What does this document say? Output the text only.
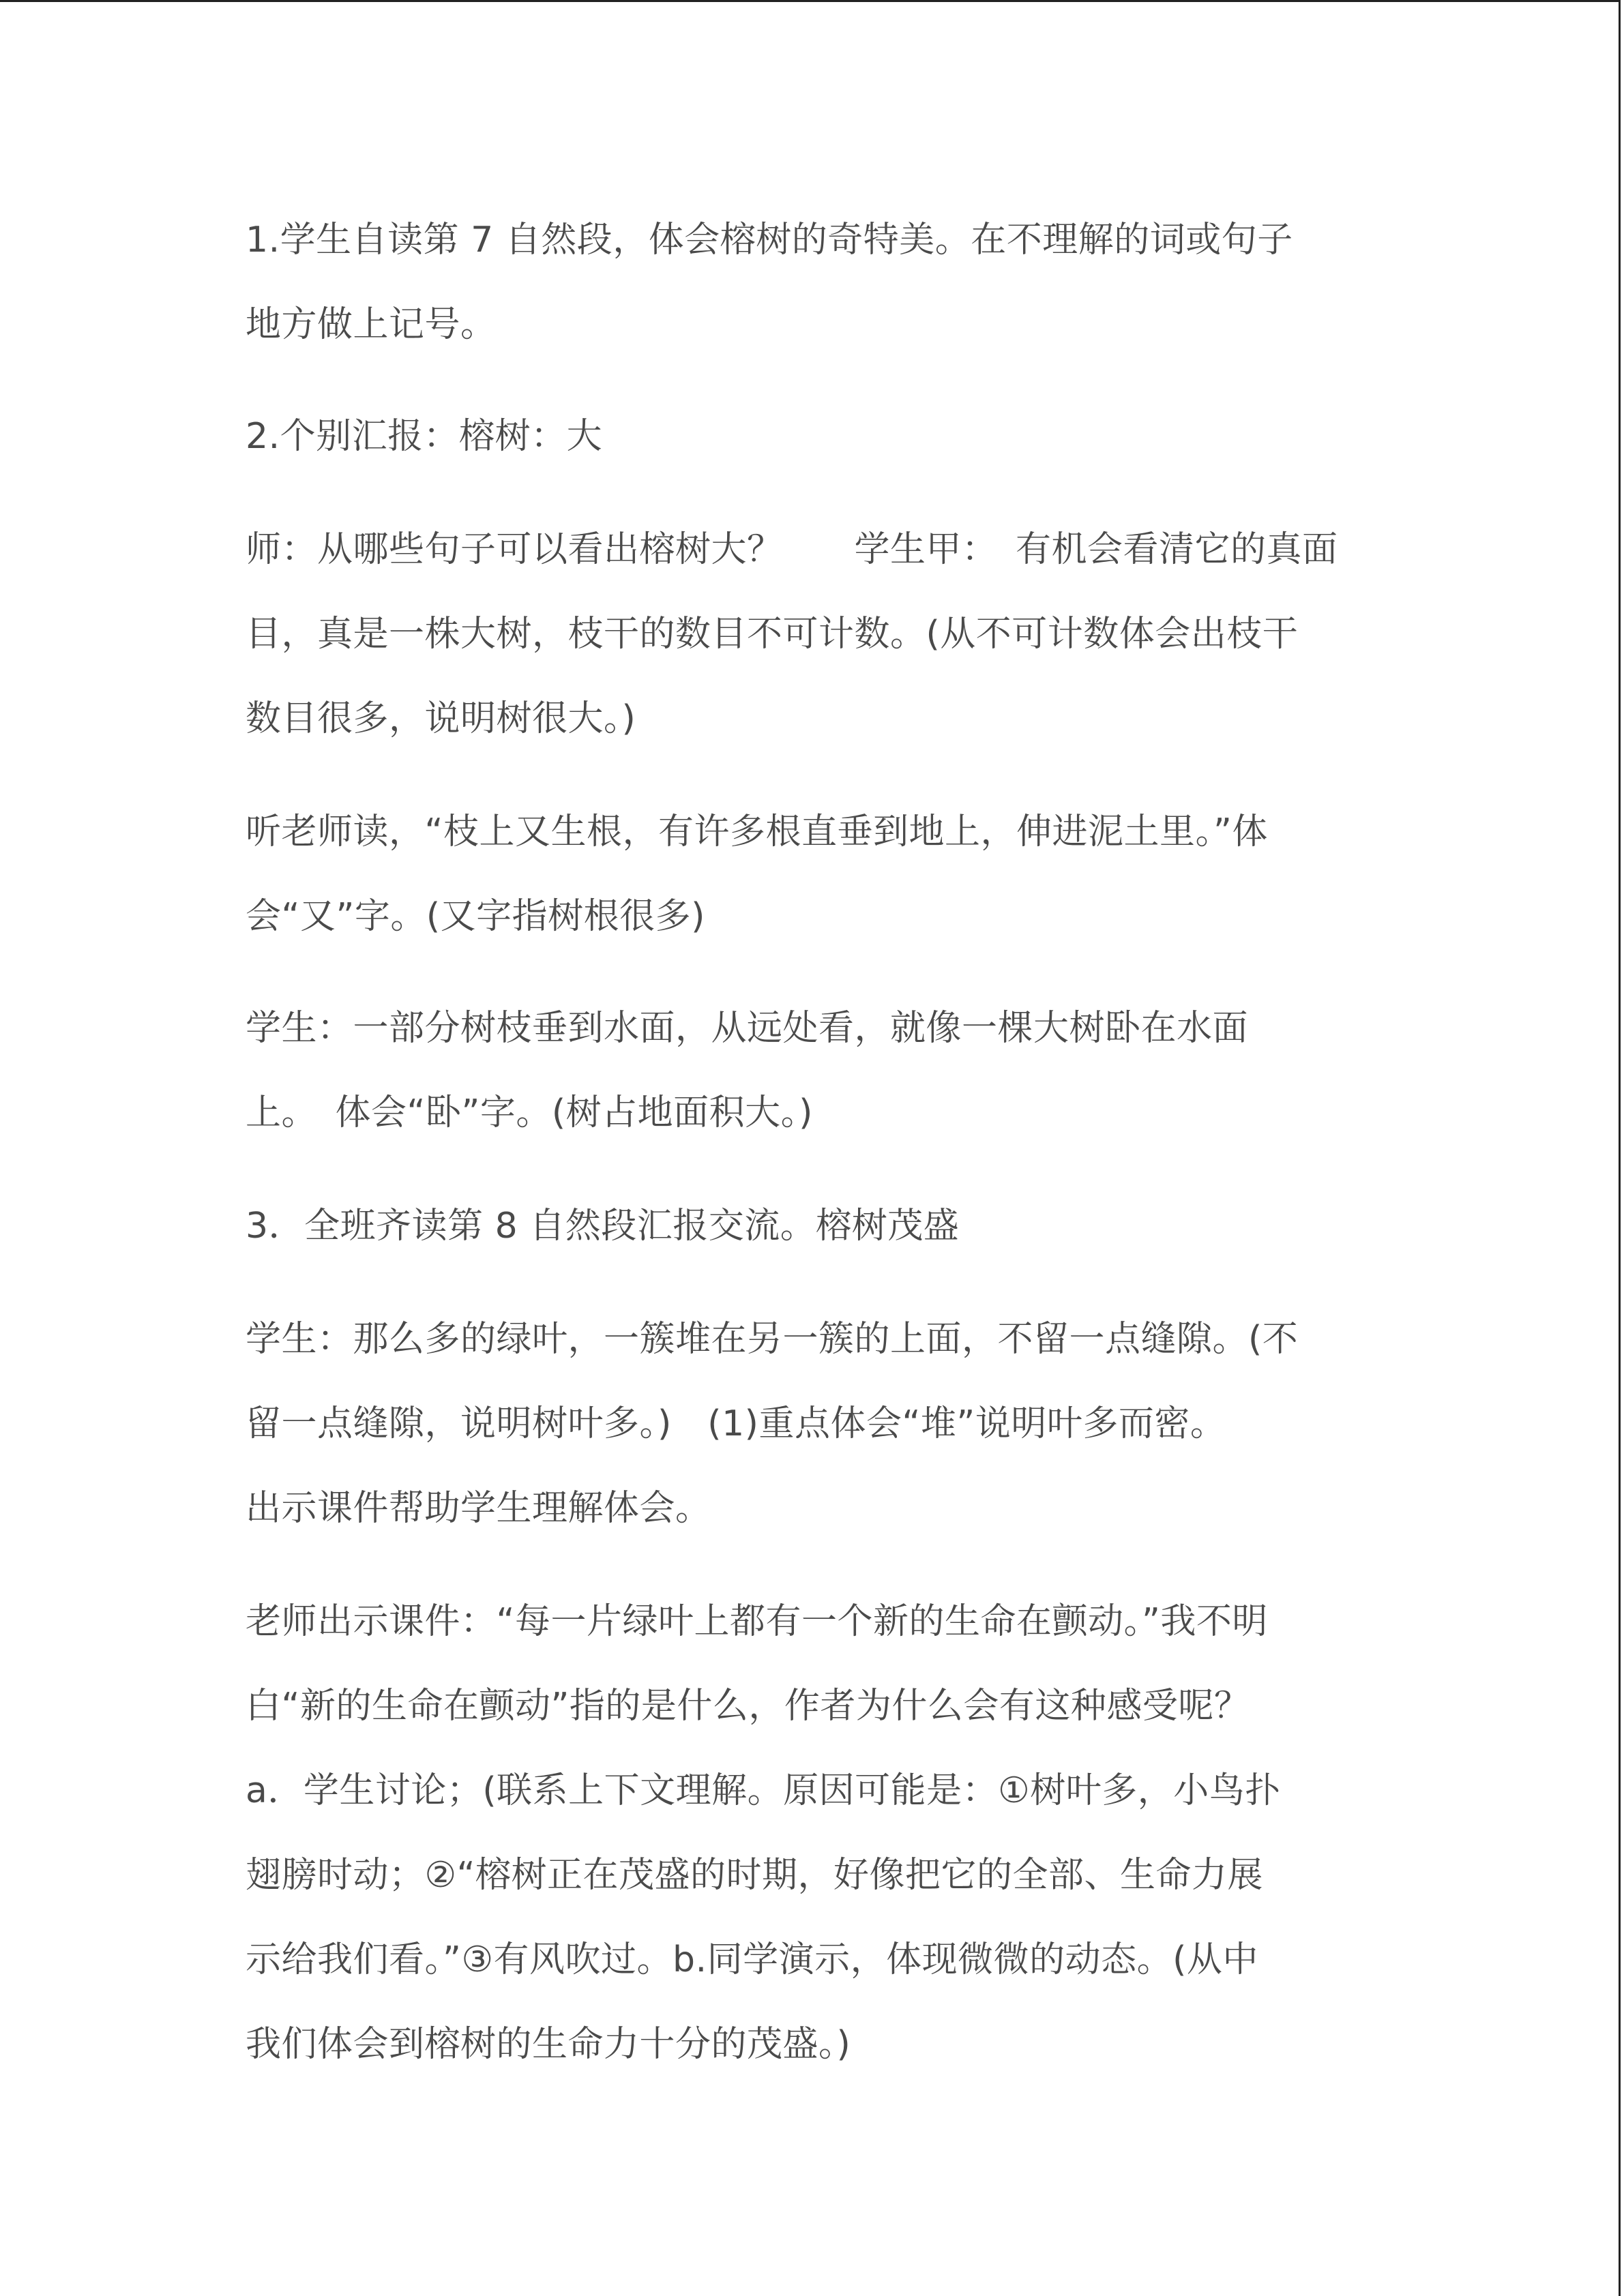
1.学生自读第 7 自然段，体会榕树的奇特美。在不理解的词或句子
地方做上记号。

2.个别汇报：榕树：大

师：从哪些句子可以看出榕树大？　　学生甲：　有机会看清它的真面
目，真是一株大树，枝干的数目不可计数。(从不可计数体会出枝干
数目很多，说明树很大。)

听老师读，“枝上又生根，有许多根直垂到地上，伸进泥土里。”体
会“又”字。(又字指树根很多)

学生：一部分树枝垂到水面，从远处看，就像一棵大树卧在水面
上。　体会“卧”字。(树占地面积大。)

3．全班齐读第 8 自然段汇报交流。榕树茂盛

学生：那么多的绿叶，一簇堆在另一簇的上面，不留一点缝隙。(不
留一点缝隙，说明树叶多。)　(1)重点体会“堆”说明叶多而密。
出示课件帮助学生理解体会。

老师出示课件：“每一片绿叶上都有一个新的生命在颤动。”我不明
白“新的生命在颤动”指的是什么，作者为什么会有这种感受呢？
a．学生讨论；(联系上下文理解。原因可能是：①树叶多，小鸟扑
翅膀时动；②“榕树正在茂盛的时期，好像把它的全部、生命力展
示给我们看。”③有风吹过。b.同学演示，体现微微的动态。(从中
我们体会到榕树的生命力十分的茂盛。)
